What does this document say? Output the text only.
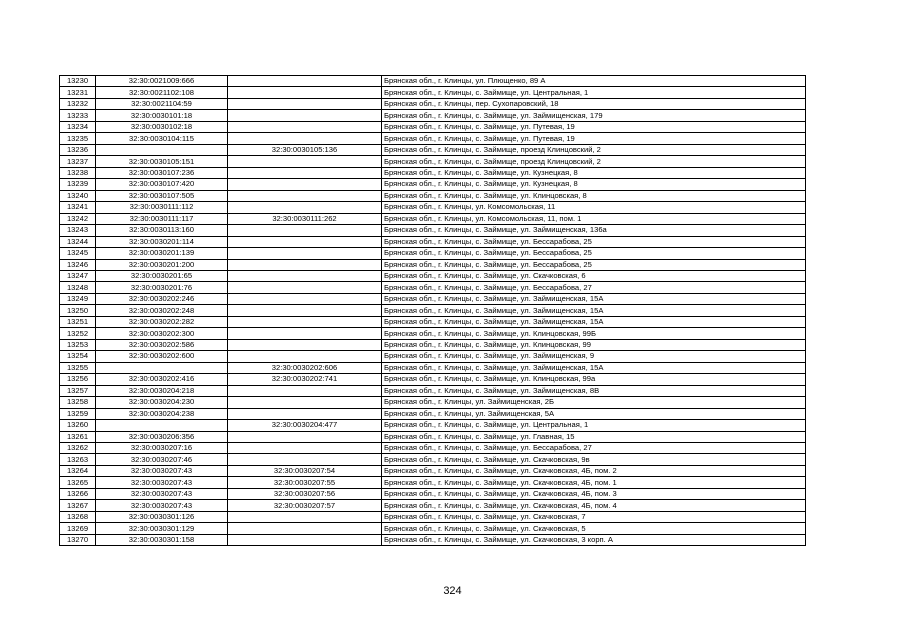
13230	32:30:0021009:666		Брянская обл., г. Клинцы, ул. Плющенко, 89 А
13231	32:30:0021102:108		Брянская обл., г. Клинцы, с. Займище, ул. Центральная, 1
13232	32:30:0021104:59		Брянская обл., г. Клинцы, пер. Сухопаровский, 18
13233	32:30:0030101:18		Брянская обл., г. Клинцы, с. Займище, ул. Займищенская, 179
13234	32:30:0030102:18		Брянская обл., г. Клинцы, с. Займище, ул. Путевая, 19
13235	32:30:0030104:115		Брянская обл., г. Клинцы, с. Займище, ул. Путевая, 19
13236		32:30:0030105:136	Брянская обл., г. Клинцы, с. Займище, проезд Клинцовский, 2
13237	32:30:0030105:151		Брянская обл., г. Клинцы, с. Займище, проезд Клинцовский, 2
13238	32:30:0030107:236		Брянская обл., г. Клинцы, с. Займище, ул. Кузнецкая, 8
13239	32:30:0030107:420		Брянская обл., г. Клинцы, с. Займище, ул. Кузнецкая, 8
13240	32:30:0030107:505		Брянская обл., г. Клинцы, с. Займище, ул. Клинцовская, 8
13241	32:30:0030111:112		Брянская обл., г. Клинцы, ул. Комсомольская, 11
13242	32:30:0030111:117	32:30:0030111:262	Брянская обл., г. Клинцы, ул. Комсомольская, 11, пом. 1
13243	32:30:0030113:160		Брянская обл., г. Клинцы, с. Займище, ул. Займищенская, 136а
13244	32:30:0030201:114		Брянская обл., г. Клинцы, с. Займище, ул. Бессарабова, 25
13245	32:30:0030201:139		Брянская обл., г. Клинцы, с. Займище, ул. Бессарабова, 25
13246	32:30:0030201:200		Брянская обл., г. Клинцы, с. Займище, ул. Бессарабова, 25
13247	32:30:0030201:65		Брянская обл., г. Клинцы, с. Займище, ул. Скачковская, 6
13248	32:30:0030201:76		Брянская обл., г. Клинцы, с. Займище, ул. Бессарабова, 27
13249	32:30:0030202:246		Брянская обл., г. Клинцы, с. Займище, ул. Займищенская, 15А
13250	32:30:0030202:248		Брянская обл., г. Клинцы, с. Займище, ул. Займищенская, 15А
13251	32:30:0030202:282		Брянская обл., г. Клинцы, с. Займище, ул. Займищенская, 15А
13252	32:30:0030202:300		Брянская обл., г. Клинцы, с. Займище, ул. Клинцовская, 99Б
13253	32:30:0030202:586		Брянская обл., г. Клинцы, с. Займище, ул. Клинцовская, 99
13254	32:30:0030202:600		Брянская обл., г. Клинцы, с. Займище, ул. Займищенская, 9
13255		32:30:0030202:606	Брянская обл., г. Клинцы, с. Займище, ул. Займищенская, 15А
13256	32:30:0030202:416	32:30:0030202:741	Брянская обл., г. Клинцы, с. Займище, ул. Клинцовская, 99а
13257	32:30:0030204:218		Брянская обл., г. Клинцы, с. Займище, ул. Займищенская, 8В
13258	32:30:0030204:230		Брянская обл., г. Клинцы, ул. Займищенская, 2Б
13259	32:30:0030204:238		Брянская обл., г. Клинцы, ул. Займищенская, 5А
13260		32:30:0030204:477	Брянская обл., г. Клинцы, с. Займище, ул. Центральная, 1
13261	32:30:0030206:356		Брянская обл., г. Клинцы, с. Займище, ул. Главная, 15
13262	32:30:0030207:16		Брянская обл., г. Клинцы, с. Займище, ул. Бессарабова, 27
13263	32:30:0030207:46		Брянская обл., г. Клинцы, с. Займище, ул. Скачковская, 9в
13264	32:30:0030207:43	32:30:0030207:54	Брянская обл., г. Клинцы, с. Займище, ул. Скачковская, 4Б, пом. 2
13265	32:30:0030207:43	32:30:0030207:55	Брянская обл., г. Клинцы, с. Займище, ул. Скачковская, 4Б, пом. 1
13266	32:30:0030207:43	32:30:0030207:56	Брянская обл., г. Клинцы, с. Займище, ул. Скачковская, 4Б, пом. 3
13267	32:30:0030207:43	32:30:0030207:57	Брянская обл., г. Клинцы, с. Займище, ул. Скачковская, 4Б, пом. 4
13268	32:30:0030301:126		Брянская обл., г. Клинцы, с. Займище, ул. Скачковская, 7
13269	32:30:0030301:129		Брянская обл., г. Клинцы, с. Займище, ул. Скачковская, 5
13270	32:30:0030301:158		Брянская обл., г. Клинцы, с. Займище, ул. Скачковская, 3 корп. А
324
